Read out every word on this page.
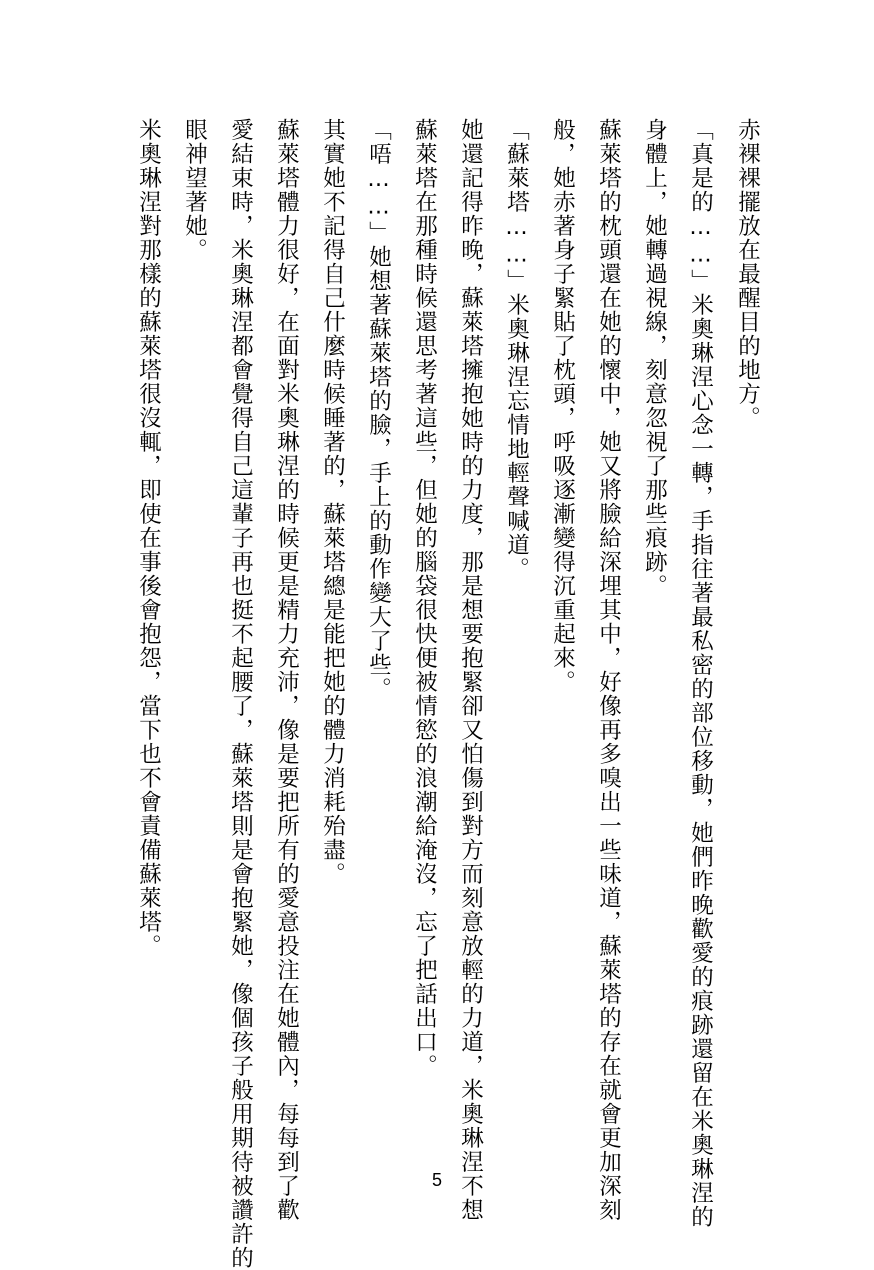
赤裸裸擺放在最醒目的地方。
「真是的……」米奧琳涅心念一轉，手指往著最私密的部位移動，她們昨晚歡愛的痕跡還留在米奧琳涅的
身體上，她轉過視線，刻意忽視了那些痕跡。
蘇萊塔的枕頭還在她的懷中，她又將臉給深埋其中，好像再多嗅出一些味道，蘇萊塔的存在就會更加深刻
般，她赤著身子緊貼了枕頭，呼吸逐漸變得沉重起來。
「蘇萊塔……」米奧琳涅忘情地輕聲喊道。
她還記得昨晚，蘇萊塔擁抱她時的力度，那是想要抱緊卻又怕傷到對方而刻意放輕的力道，米奧琳涅不想
蘇萊塔在那種時候還思考著這些，但她的腦袋很快便被情慾的浪潮給淹沒，忘了把話出口。
「唔……」她想著蘇萊塔的臉，手上的動作變大了些。
其實她不記得自己什麼時候睡著的，蘇萊塔總是能把她的體力消耗殆盡。
蘇萊塔體力很好，在面對米奧琳涅的時候更是精力充沛，像是要把所有的愛意投注在她體內，每每到了歡
愛結束時，米奧琳涅都會覺得自己這輩子再也挺不起腰了，蘇萊塔則是會抱緊她，像個孩子般用期待被讚許的
眼神望著她。
米奧琳涅對那樣的蘇萊塔很沒輒，即使在事後會抱怨，當下也不會責備蘇萊塔。
5
